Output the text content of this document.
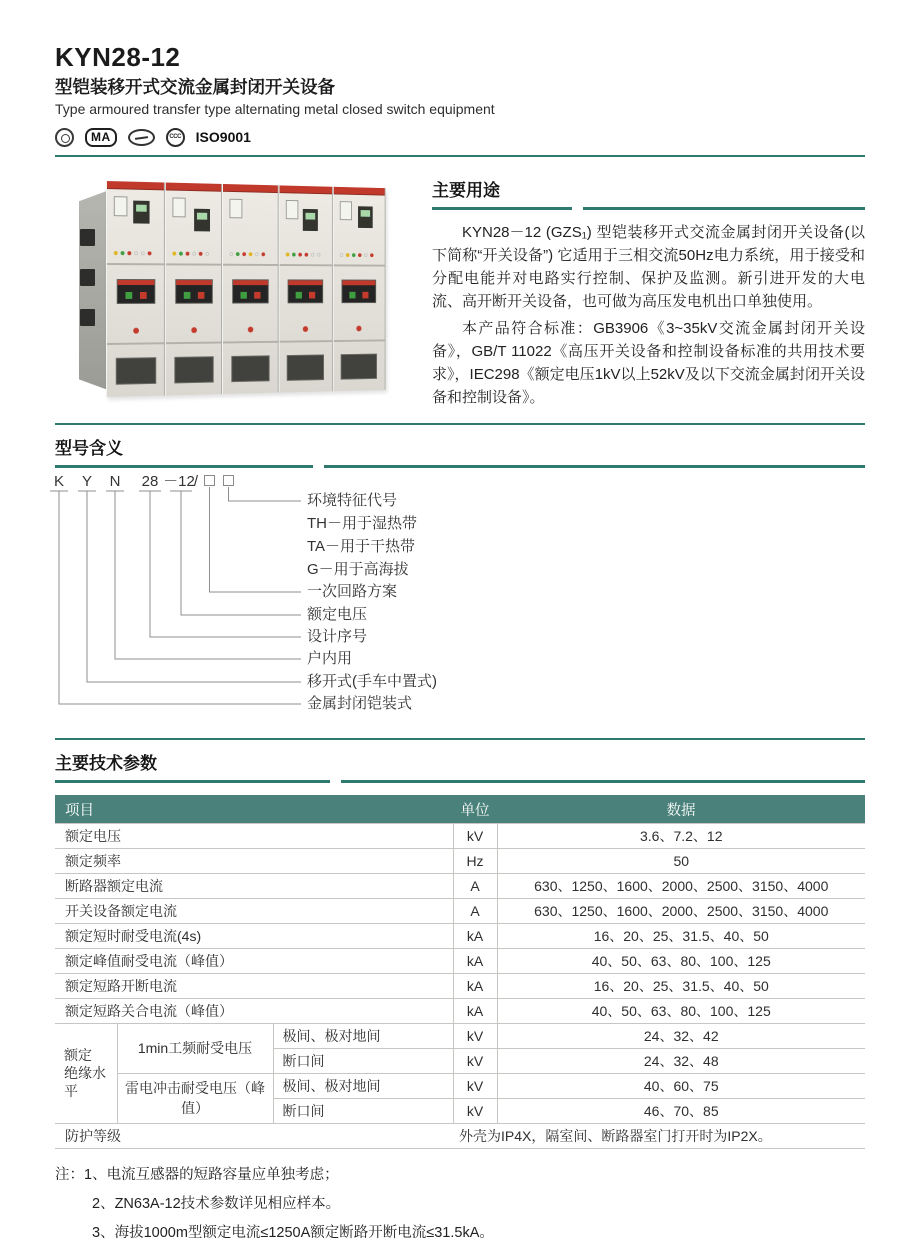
KYN28-12
型铠装移开式交流金属封闭开关设备
Type armoured transfer type alternating metal closed switch equipment
MA	CCC ISO9001
主要用途

KYN28－12 (GZS₁) 型铠装移开式交流金属封闭开关设备(以下简称“开关设备”) 它适用于三相交流50Hz电力系统，用于接受和分配电能并对电路实行控制、保护及监测。新引进开发的大电流、高开断开关设备，也可做为高压发电机出口单独使用。

本产品符合标准：GB3906《3~35kV交流金属封闭开关设备》，GB/T 11022《高压开关设备和控制设备标准的共用技术要求》，IEC298《额定电压1kV以上52kV及以下交流金属封闭开关设备和控制设备》。

型号含义
K	Y	N	28 －12 /
环境特征代号
TH－用于湿热带
TA－用于干热带
G－用于高海拔
一次回路方案
额定电压
设计序号
户内用
移开式(手车中置式)
金属封闭铠装式
主要技术参数
项目			单位	数据
额定电压			kV	3.6、7.2、12
额定频率			Hz	50
断路器额定电流			A	630、1250、1600、2000、2500、3150、4000
开关设备额定电流			A	630、1250、1600、2000、2500、3150、4000
额定短时耐受电流(4s)			kA	16、20、25、31.5、40、50
额定峰值耐受电流（峰值）			kA	40、50、63、80、100、125
额定短路开断电流			kA	16、20、25、31.5、40、50
额定短路关合电流（峰值）			kA	40、50、63、80、100、125

额定
绝缘水平	1min工频耐受电压	极间、极对地间	kV	24、32、42
		断口间	kV	24、32、48
	雷电冲击耐受电压（峰值）	极间、极对地间	kV	40、60、75
		断口间	kV	46、70、85
防护等级			外壳为IP4X，隔室间、断路器室门打开时为IP2X。	
注：1、电流互感器的短路容量应单独考虑；
2、ZN63A-12技术参数详见相应样本。
3、海拔1000m型额定电流≤1250A额定断路开断电流≤31.5kA。
